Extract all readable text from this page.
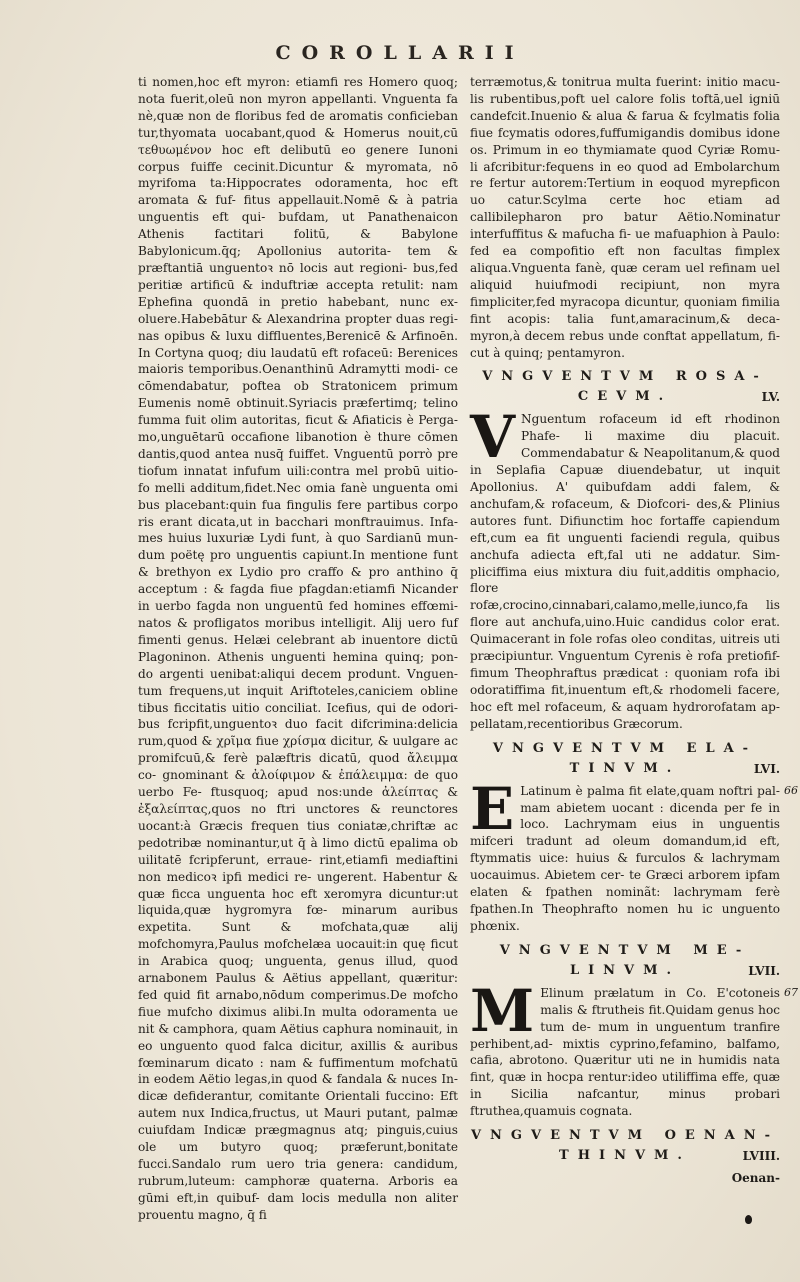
COROLLARII

ti nomen,hoc eft myron: etiamfi res Homero quoq; nota fuerit,oleū non myron appellanti. Vnguenta fa nè,quæ non de floribus fed de aromatis conficieban tur,thyomata uocabant,quod & Homerus nouit,cū τεθυωμένον hoc eft delibutū eo genere Iunoni corpus fuiffe cecinit.Dicuntur & myromata, nō myrifoma ta:Hippocrates odoramenta, hoc eft aromata & fuf- fitus appellauit.Nomē & à patria unguentis eft qui- bufdam, ut Panathenaicon Athenis factitari folitū, & Babylone Babylonicum.q̄q; Apollonius autorita- tem & præftantiā unguentoꝛ nō locis aut regioni- bus,fed peritiæ artificū & induftriæ accepta retulit: nam Ephefina quondā in pretio habebant, nunc ex- oluere.Habebātur & Alexandrina propter duas regi- nas opibus & luxu diffluentes,Berenicē & Arfinoēn. In Cortyna quoq; diu laudatū eft rofaceū: Berenices maioris temporibus.Oenanthinū Adramytti modi- ce cōmendabatur, poftea ob Stratonicem primum Eumenis nomē obtinuit.Syriacis præfertimq; telino fumma fuit olim autoritas, ficut & Afiaticis è Perga- mo,unguētarū occafione libanotion è thure cōmen dantis,quod antea nusq̄ fuiffet. Vnguentū porrò pre tiofum innatat infufum uili:contra mel probū uitio- fo melli additum,fidet.Nec omia fanè unguenta omi bus placebant:quin fua fingulis fere partibus corpo ris erant dicata,ut in bacchari monftrauimus. Infa- mes huius luxuriæ Lydi funt, à quo Sardianū mun- dum poëtę pro unguentis capiunt.In mentione funt & brethyon ex Lydio pro craffo & pro anthino q̄ acceptum : & fagda fiue pfagdan:etiamfi Nicander in uerbo fagda non unguentū fed homines effœmi- natos & profligatos moribus intelligit. Alij uero fuf fimenti genus. Helæi celebrant ab inuentore dictū Plagoninon. Athenis unguenti hemina quinq; pon- do argenti uenibat:aliqui decem produnt. Vnguen- tum frequens,ut inquit Ariftoteles,caniciem obline tibus ficcitatis uitio conciliat. Icefius, qui de odori- bus fcripfit,unguentoꝛ duo facit difcrimina:delicia rum,quod & χρῖμα fiue χρίσμα dicitur, & uulgare ac promifcuū,& ferè palæftris dicatū, quod ἄλειμμα co- gnominant & ἀλοίφιμον & ἐπάλειμμα: de quo uerbo Fe- ftusquoq; apud nos:unde ἀλείπτας & ἐξαλείπτας,quos no ftri unctores & reunctores uocant:à Græcis frequen tius coniatæ,chriftæ ac pedotribæ nominantur,ut q̄ à limo dictū epalima ob uilitatē fcripferunt, erraue- rint,etiamfi mediaftini non medicoꝛ ipfi medici re- ungerent. Habentur & quæ ficca unguenta hoc eft xeromyra dicuntur:ut liquida,quæ hygromyra fœ- minarum auribus expetita. Sunt & mofchata,quæ alij mofchomyra,Paulus mofchelæa uocauit:in quę ficut in Arabica quoq; unguenta, genus illud, quod arnabonem Paulus & Aëtius appellant, quæritur: fed quid fit arnabo,nōdum comperimus.De mofcho fiue mufcho diximus alibi.In multa odoramenta ue nit & camphora, quam Aëtius caphura nominauit, in eo unguento quod falca dicitur, axillis & auribus fœminarum dicato : nam & fuffimentum mofchatū in eodem Aëtio legas,in quod & fandala & nuces In- dicæ defiderantur, comitante Orientali fuccino: Eft autem nux Indica,fructus, ut Mauri putant, palmæ cuiufdam Indicæ prægmagnus atq; pinguis,cuius ole um butyro quoq; præferunt,bonitate fucci.Sandalo rum uero tria genera: candidum, rubrum,luteum: camphoræ quaterna. Arboris ea gūmi eft,in quibuf- dam locis medulla non aliter prouentu magno, q̄ fi

terræmotus,& tonitrua multa fuerint: initio macu- lis rubentibus,poft uel calore folis toftā,uel igniū candefcit.Inuenio & alua & farua & fcylmatis folia fiue fcymatis odores,fuffumigandis domibus idone os. Primum in eo thymiamate quod Cyriæ Romu- li afcribitur:fequens in eo quod ad Embolarchum re fertur autorem:Tertium in eoquod myrepficon uo catur.Scylma certe hoc etiam ad callibilepharon pro batur Aëtio.Nominatur interfuffitus & mafucha fi- ue mafuaphion à Paulo: fed ea compofitio eft non facultas fimplex aliqua.Vnguenta fanè, quæ ceram uel refinam uel aliquid huiufmodi recipiunt, non myra fimpliciter,fed myracopa dicuntur, quoniam fimilia fint acopis: talia funt,amaracinum,& deca- myron,à decem rebus unde conftat appellatum, fi- cut à quinq; pentamyron.

VNGVENTVM ROSA- CEVM.	LV.
V Nguentum rofaceum id eft rhodinon Phafe- li maxime diu placuit. Commendabatur & Neapolitanum,& quod in Seplafia Capuæ diuendebatur, ut inquit Apollonius. A' quibufdam addi falem, & anchufam,& rofaceum, & Diofcori- des,& Plinius autores funt. Difiunctim hoc fortaffe capiendum eft,cum ea fit unguenti faciendi regula, quibus anchufa adiecta eft,fal uti ne addatur. Sim- pliciffima eius mixtura diu fuit,additis omphacio, flore rofæ,crocino,cinnabari,calamo,melle,iunco,fa lis flore aut anchufa,uino.Huic candidus color erat. Quimacerant in fole rofas oleo conditas, uitreis uti præcipiuntur. Vnguentum Cyrenis è rofa pretiofif- fimum Theophraftus prædicat : quoniam rofa ibi odoratiffima fit,inuentum eft,& rhodomeli facere, hoc eft mel rofaceum, & aquam hydrorofatam ap- pellatam,recentioribus Græcorum.
VNGVENTVM ELA- TINVM.	LVI.
66
E Latinum è palma fit elate,quam noftri pal- mam abietem uocant : dicenda per fe in loco. Lachrymam eius in unguentis mifceri tradunt ad oleum domandum,id eft, ftymmatis uice: huius & furculos & lachrymam uocauimus. Abietem cer- te Græci arborem ipfam elaten & fpathen nominãt: lachrymam ferè fpathen.In Theophrafto nomen hu ic unguento phœnix.
VNGVENTVM ME- LINVM.	LVII.
67
M Elinum prælatum in Co. E'cotoneis malis & ftrutheis fit.Quidam genus hoc tum de- mum in unguentum tranfire perhibent,ad- mixtis cyprino,fefamino, balfamo, cafia, abrotono. Quæritur uti ne in humidis nata fint, quæ in hocpa rentur:ideo utiliffima effe, quæ in Sicilia nafcantur, minus probari ftruthea,quamuis cognata.
VNGVENTVM OENAN- THINVM.	LVIII.
Oenan-
